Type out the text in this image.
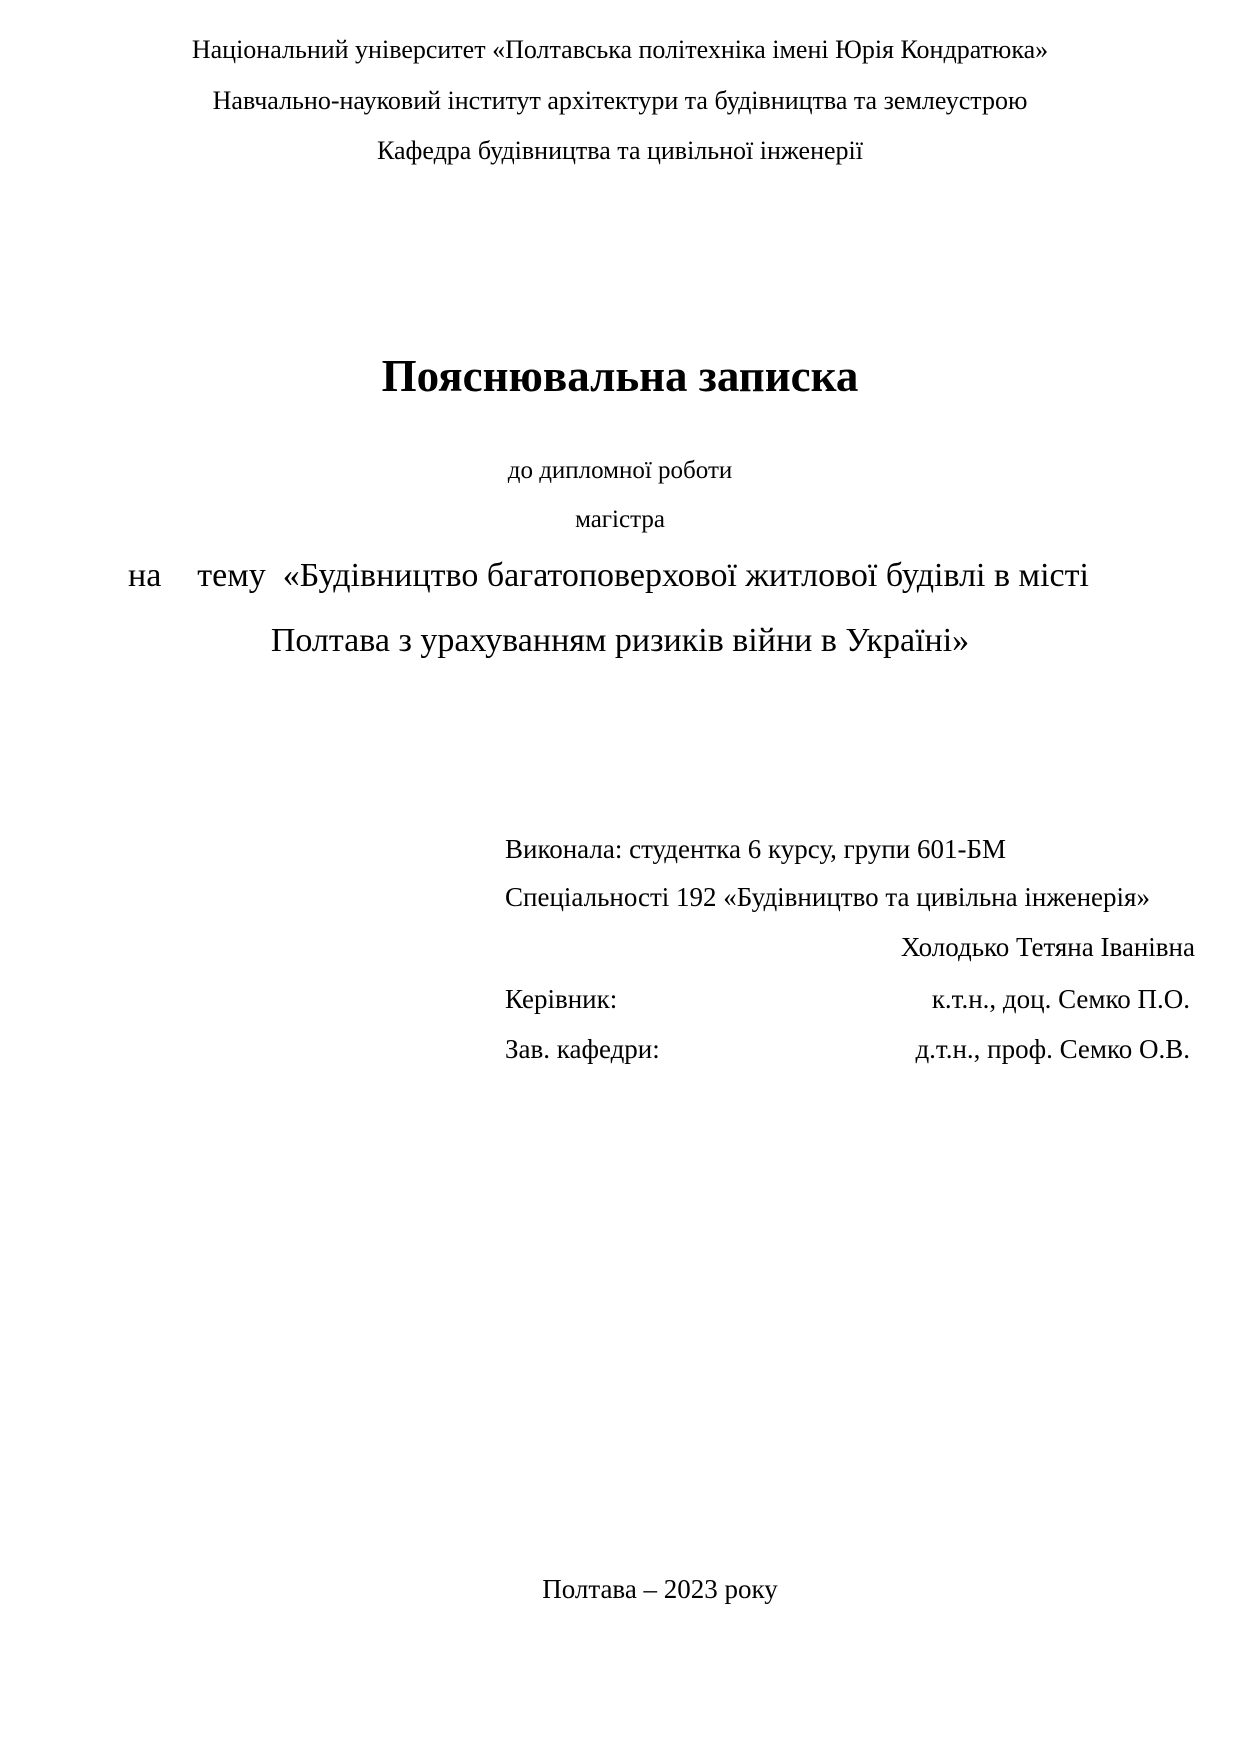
Національний університет «Полтавська політехніка імені Юрія Кондратюка»
Навчально-науковий інститут архітектури та будівництва та землеустрою
Кафедра будівництва та цивільної інженерії
Пояснювальна записка
до дипломної роботи
магістра
на тему «Будівництво багатоповерхової житлової будівлі в місті
Полтава з урахуванням ризиків війни в Україні»
Виконала: студентка 6 курсу, групи 601-БМ
Спеціальності 192 «Будівництво та цивільна інженерія»
Холодько Тетяна Іванівна
Керівник:	к.т.н., доц. Семко П.О.
Зав. кафедри:	д.т.н., проф. Семко О.В.
Полтава – 2023 року
